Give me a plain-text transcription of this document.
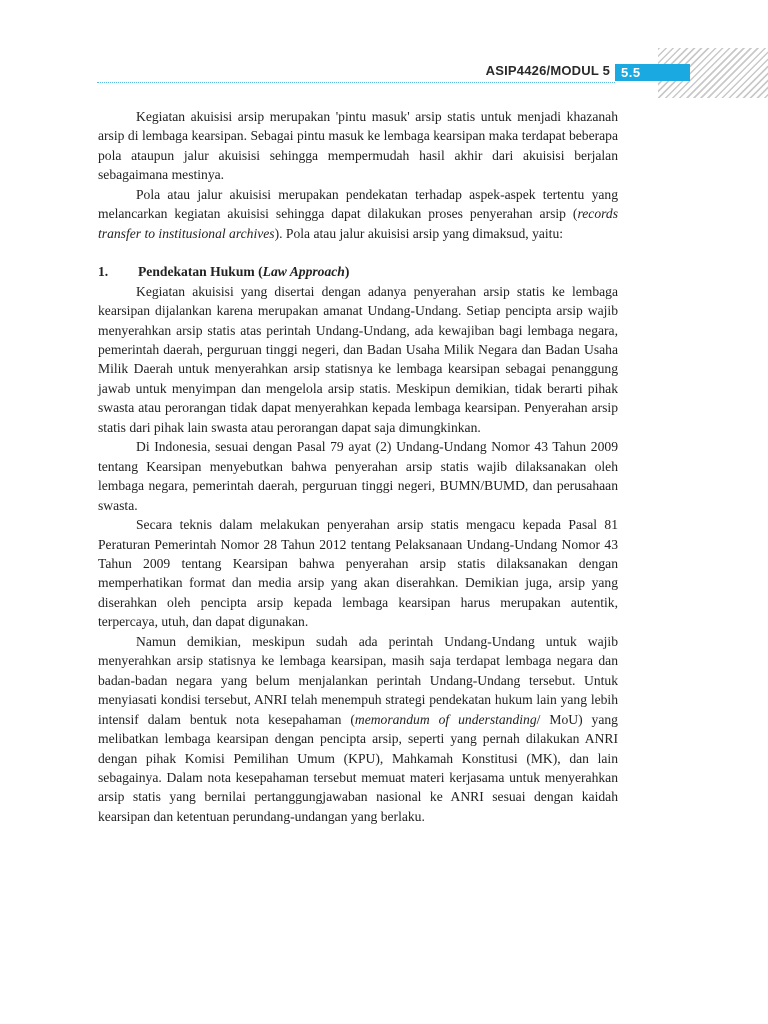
ASIP4426/MODUL 5 5.5

Kegiatan akuisisi arsip merupakan 'pintu masuk' arsip statis untuk menjadi khazanah arsip di lembaga kearsipan. Sebagai pintu masuk ke lembaga kearsipan maka terdapat beberapa pola ataupun jalur akuisisi sehingga mempermudah hasil akhir dari akuisisi berjalan sebagaimana mestinya.

Pola atau jalur akuisisi merupakan pendekatan terhadap aspek-aspek tertentu yang melancarkan kegiatan akuisisi sehingga dapat dilakukan proses penyerahan arsip (records transfer to institusional archives). Pola atau jalur akuisisi arsip yang dimaksud, yaitu:

1.	Pendekatan Hukum (Law Approach)

Kegiatan akuisisi yang disertai dengan adanya penyerahan arsip statis ke lembaga kearsipan dijalankan karena merupakan amanat Undang-Undang. Setiap pencipta arsip wajib menyerahkan arsip statis atas perintah Undang-Undang, ada kewajiban bagi lembaga negara, pemerintah daerah, perguruan tinggi negeri, dan Badan Usaha Milik Negara dan Badan Usaha Milik Daerah untuk menyerahkan arsip statisnya ke lembaga kearsipan sebagai penanggung jawab untuk menyimpan dan mengelola arsip statis. Meskipun demikian, tidak berarti pihak swasta atau perorangan tidak dapat menyerahkan kepada lembaga kearsipan. Penyerahan arsip statis dari pihak lain swasta atau perorangan dapat saja dimungkinkan.

Di Indonesia, sesuai dengan Pasal 79 ayat (2) Undang-Undang Nomor 43 Tahun 2009 tentang Kearsipan menyebutkan bahwa penyerahan arsip statis wajib dilaksanakan oleh lembaga negara, pemerintah daerah, perguruan tinggi negeri, BUMN/BUMD, dan perusahaan swasta.

Secara teknis dalam melakukan penyerahan arsip statis mengacu kepada Pasal 81 Peraturan Pemerintah Nomor 28 Tahun 2012 tentang Pelaksanaan Undang-Undang Nomor 43 Tahun 2009 tentang Kearsipan bahwa penyerahan arsip statis dilaksanakan dengan memperhatikan format dan media arsip yang akan diserahkan. Demikian juga, arsip yang diserahkan oleh pencipta arsip kepada lembaga kearsipan harus merupakan autentik, terpercaya, utuh, dan dapat digunakan.

Namun demikian, meskipun sudah ada perintah Undang-Undang untuk wajib menyerahkan arsip statisnya ke lembaga kearsipan, masih saja terdapat lembaga negara dan badan-badan negara yang belum menjalankan perintah Undang-Undang tersebut. Untuk menyiasati kondisi tersebut, ANRI telah menempuh strategi pendekatan hukum lain yang lebih intensif dalam bentuk nota kesepahaman (memorandum of understanding/ MoU) yang melibatkan lembaga kearsipan dengan pencipta arsip, seperti yang pernah dilakukan ANRI dengan pihak Komisi Pemilihan Umum (KPU), Mahkamah Konstitusi (MK), dan lain sebagainya. Dalam nota kesepahaman tersebut memuat materi kerjasama untuk menyerahkan arsip statis yang bernilai pertanggungjawaban nasional ke ANRI sesuai dengan kaidah kearsipan dan ketentuan perundang-undangan yang berlaku.
